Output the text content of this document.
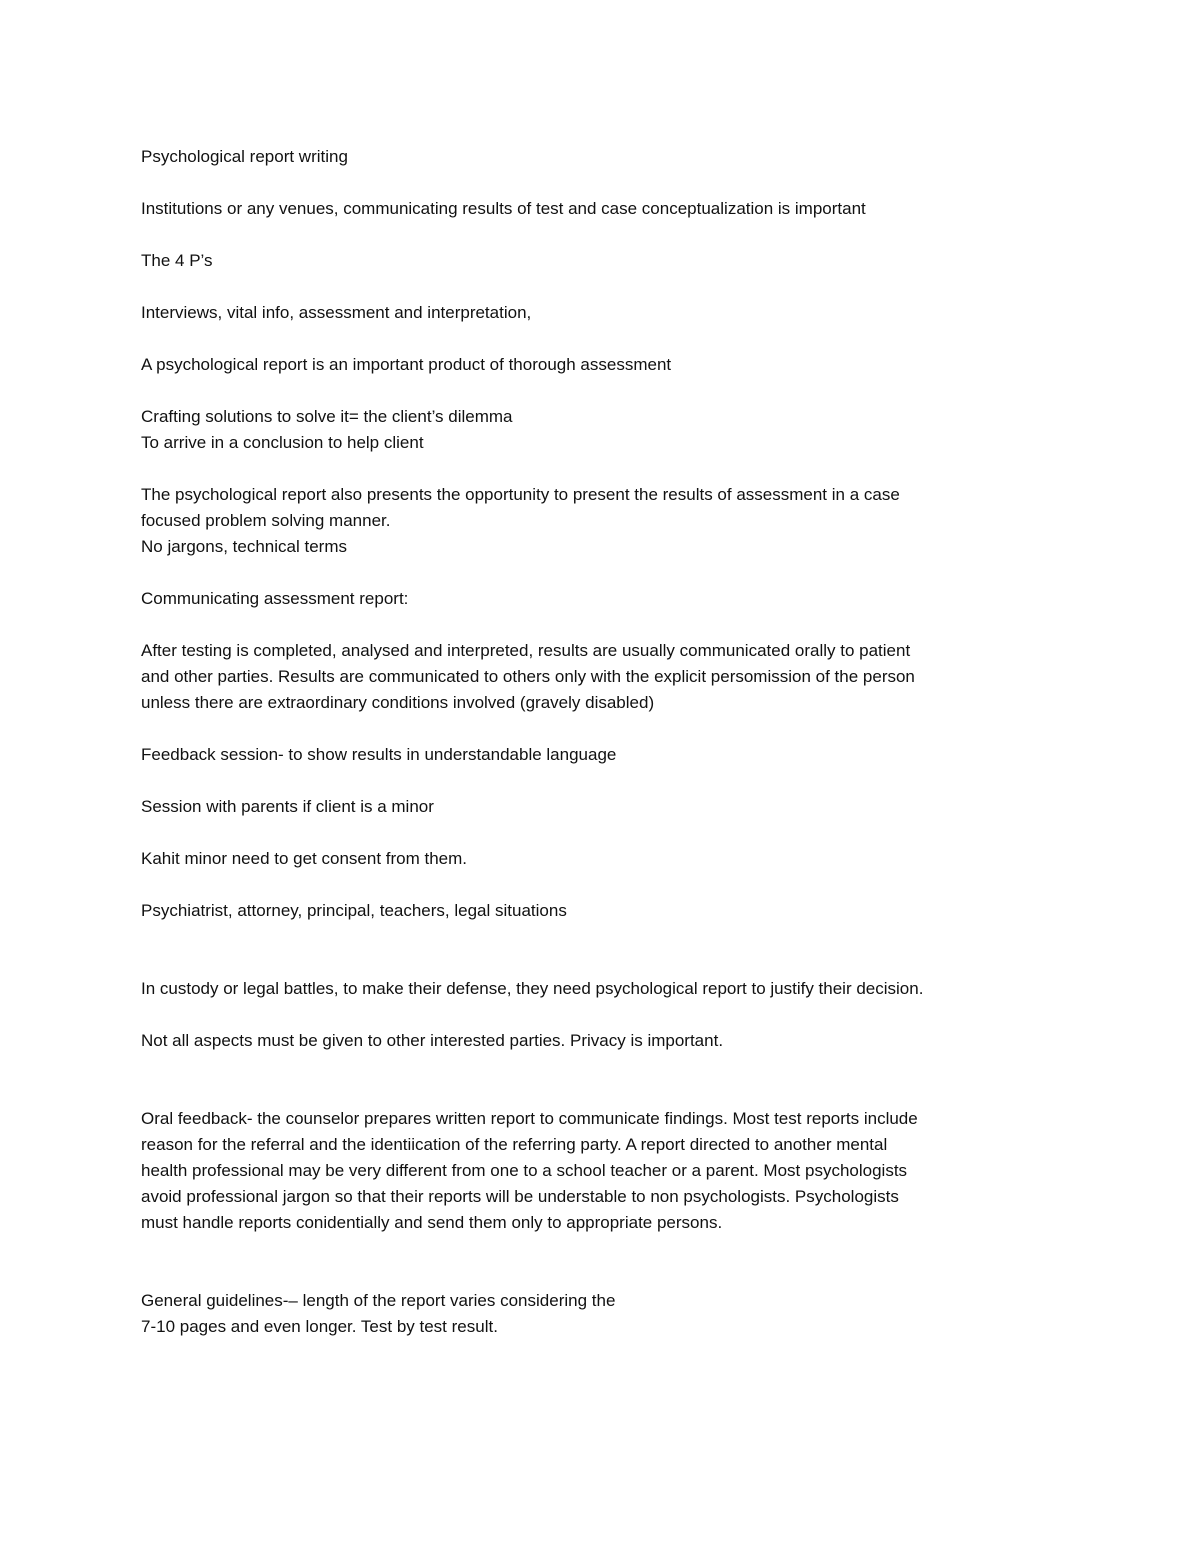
Psychological report writing

Institutions or any venues, communicating results of test and case conceptualization is important

The 4 P’s

Interviews, vital info, assessment and interpretation,

A psychological report is an important product of thorough assessment

Crafting solutions to solve it= the client’s dilemma
To arrive in a conclusion to help client

The psychological report also presents the opportunity to present the results of assessment in a case
focused problem solving manner.
No jargons, technical terms

Communicating assessment report:

After testing is completed, analysed and interpreted, results are usually communicated orally to patient
and other parties. Results are communicated to others only with the explicit persomission of the person
unless there are extraordinary conditions involved (gravely disabled)

Feedback session- to show results in understandable language

Session with parents if client is a minor

Kahit minor need to get consent from them.

Psychiatrist, attorney, principal, teachers, legal situations

In custody or legal battles, to make their defense, they need psychological report to justify their decision.

Not all aspects must be given to other interested parties. Privacy is important.

Oral feedback- the counselor prepares written report to communicate findings. Most test reports include
reason for the referral and the identiication of the referring party. A report directed to another mental
health professional may be very different from one to a school teacher or a parent. Most psychologists
avoid professional jargon so that their reports will be understable to non psychologists. Psychologists
must handle reports conidentially and send them only to appropriate persons.

General guidelines-– length of the report varies considering the
7-10 pages and even longer. Test by test result.
